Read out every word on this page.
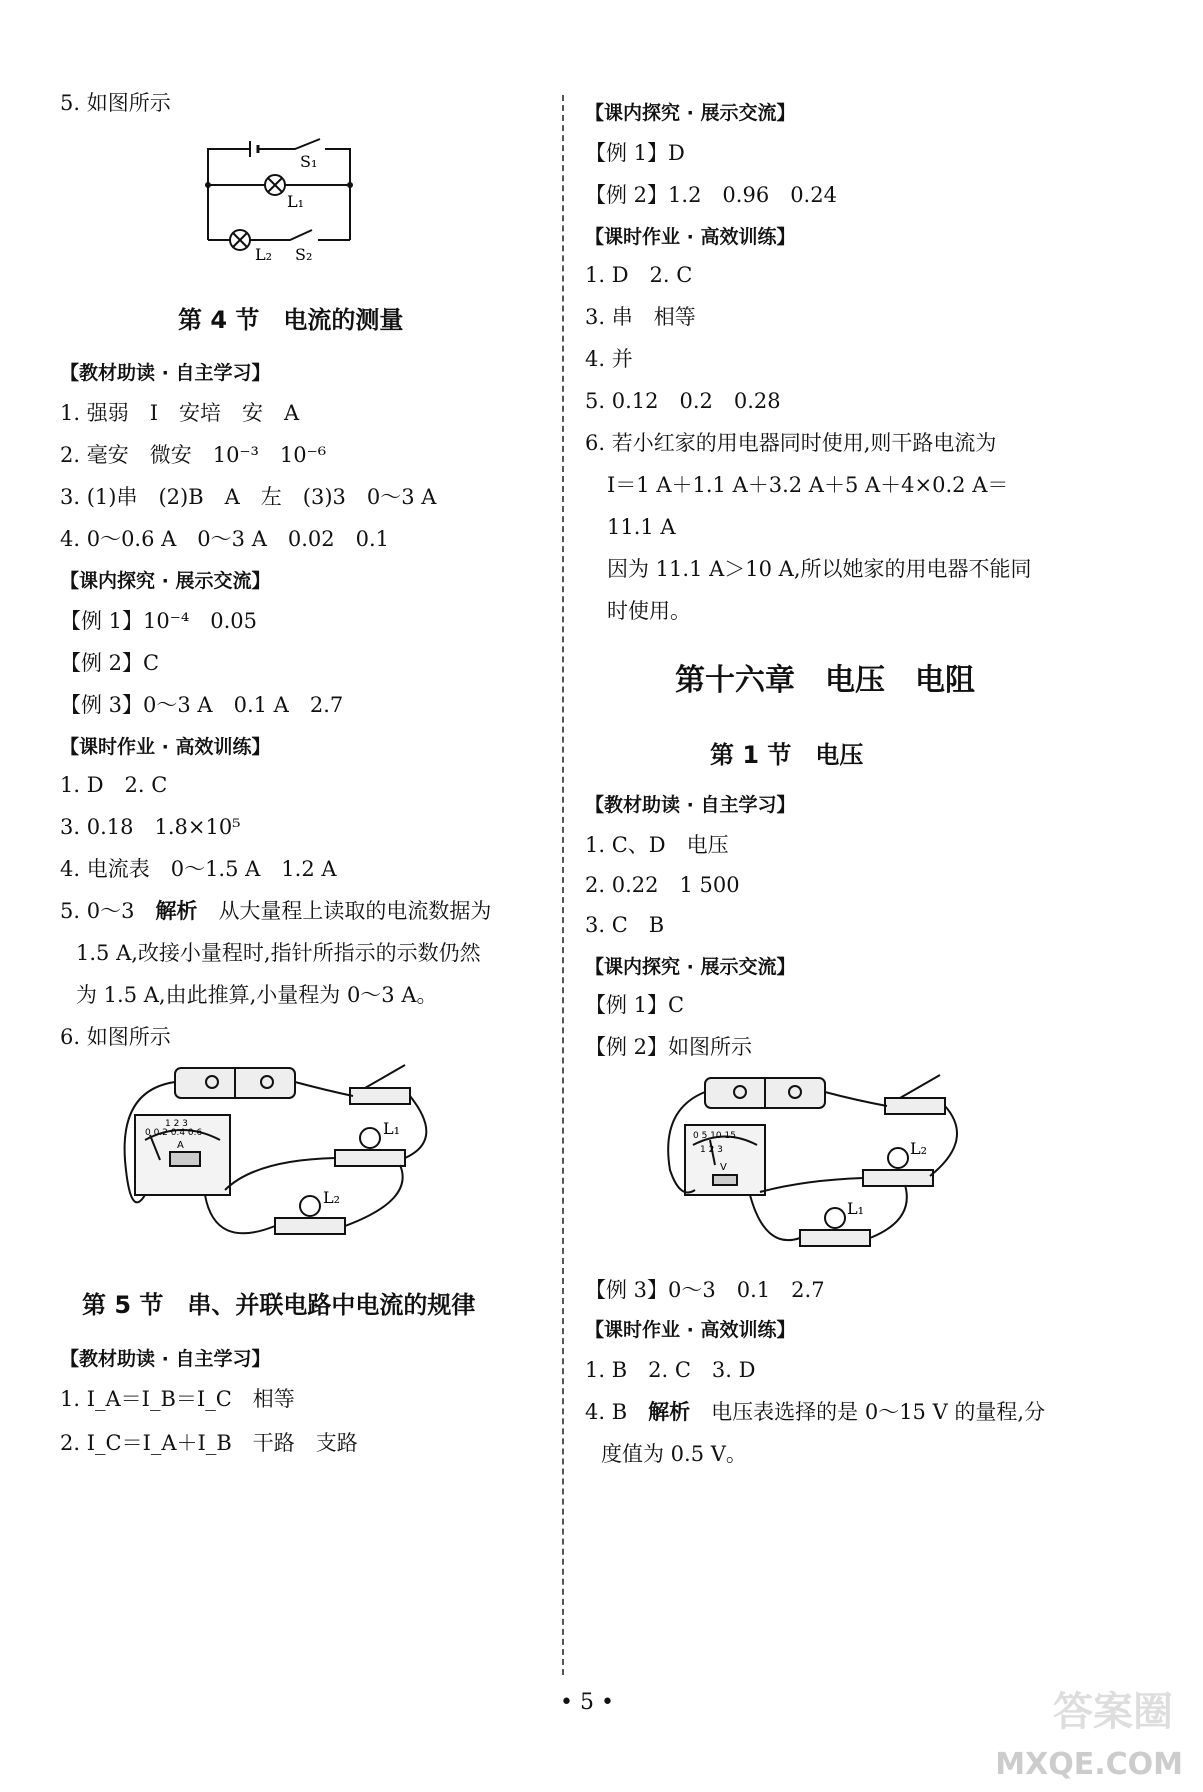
5. 如图所示
S₁
L₁
L₂ S₂
第 4 节　电流的测量
【教材助读 · 自主学习】
1. 强弱　I　安培　安　A
2. 毫安　微安　10⁻³　10⁻⁶
3. (1)串　(2)B　A　左　(3)3　0～3 A
4. 0～0.6 A　0～3 A　0.02　0.1
【课内探究 · 展示交流】
【例 1】10⁻⁴　0.05
【例 2】C
【例 3】0～3 A　0.1 A　2.7
【课时作业 · 高效训练】
1. D　2. C
3. 0.18　1.8×10⁵
4. 电流表　0～1.5 A　1.2 A
5. 0～3　 解析　 从大量程上读取的电流数据为
1.5 A,改接小量程时,指针所指示的示数仍然
为 1.5 A,由此推算,小量程为 0～3 A。
6. 如图所示
L₁
L₂
0 0.2 0.4 0.6
1 2 3
A
第 5 节　串、并联电路中电流的规律
【教材助读 · 自主学习】
1. I_A＝I_B＝I_C　相等
2. I_C＝I_A＋I_B　干路　支路
【课内探究 · 展示交流】
【例 1】D
【例 2】1.2　0.96　0.24
【课时作业 · 高效训练】
1. D　2. C
3. 串　相等
4. 并
5. 0.12　0.2　0.28
6. 若小红家的用电器同时使用,则干路电流为
I＝1 A＋1.1 A＋3.2 A＋5 A＋4×0.2 A＝
11.1 A
因为 11.1 A＞10 A,所以她家的用电器不能同
时使用。
第十六章　电压　电阻
第 1 节　电压
【教材助读 · 自主学习】
1. C、D　电压
2. 0.22　1 500
3. C　B
【课内探究 · 展示交流】
【例 1】C
【例 2】如图所示
L₂
L₁
0 5 10 15
1 2 3
V
【例 3】0～3　0.1　2.7
【课时作业 · 高效训练】
1. B　2. C　3. D
4. B　 解析　 电压表选择的是 0～15 V 的量程,分
度值为 0.5 V。
• 5 •	答案圈
MXQE.COM
